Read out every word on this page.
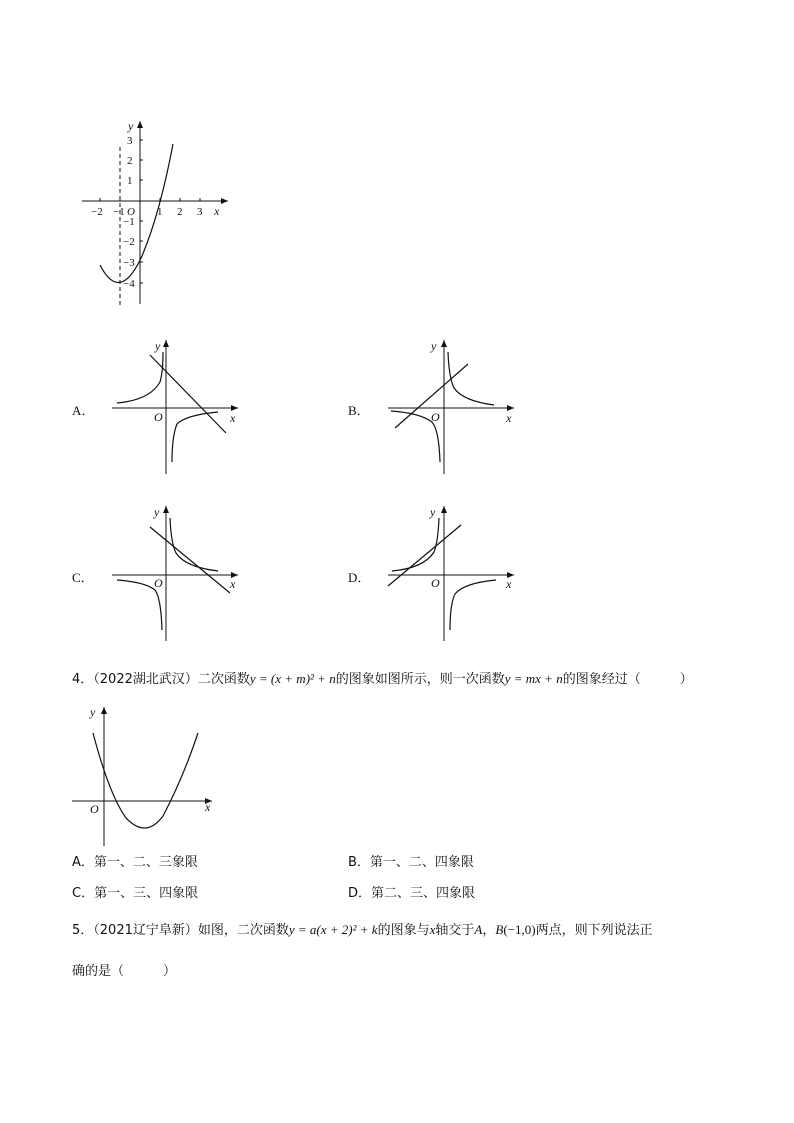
−2 −1 O 1 2 3 x
y
3
2
1
−1
−2
−3
−4
x
y
O	x
y
O
x
y
O	x
y
O
x
y
O
A．	B．
C．	D．
4．（2022湖北武汉）二次函数y = (x + m)² + n的图象如图所示，则一次函数y = mx + n的图象经过（　　　）
A．第一、二、三象限	B．第一、二、四象限
C．第一、三、四象限	D．第二、三、四象限
5．（2021辽宁阜新）如图，二次函数y = a(x + 2)² + k的图象与x轴交于A，B(−1,0)两点，则下列说法正
确的是（　　　）
